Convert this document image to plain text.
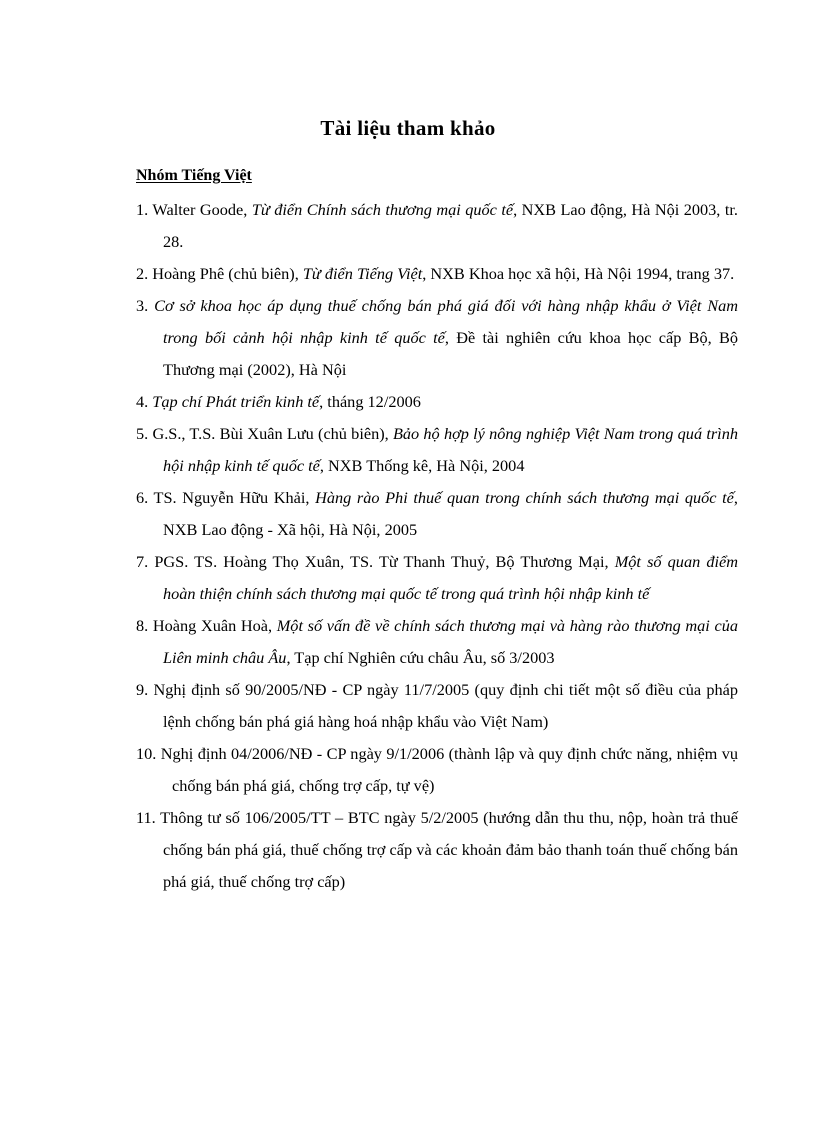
Tài liệu tham khảo
Nhóm Tiếng Việt
1. Walter Goode, Từ điển Chính sách thương mại quốc tế, NXB Lao động, Hà Nội 2003, tr. 28.
2. Hoàng Phê (chủ biên), Từ điển Tiếng Việt, NXB Khoa học xã hội, Hà Nội 1994, trang 37.
3. Cơ sở khoa học áp dụng thuế chống bán phá giá đối với hàng nhập khẩu ở Việt Nam trong bối cảnh hội nhập kinh tế quốc tế, Đề tài nghiên cứu khoa học cấp Bộ, Bộ Thương mại (2002), Hà Nội
4. Tạp chí Phát triển kinh tế, tháng 12/2006
5. G.S., T.S. Bùi Xuân Lưu (chủ biên), Bảo hộ hợp lý nông nghiệp Việt Nam trong quá trình hội nhập kinh tế quốc tế, NXB Thống kê, Hà Nội, 2004
6. TS. Nguyễn Hữu Khải, Hàng rào Phi thuế quan trong chính sách thương mại quốc tế, NXB Lao động - Xã hội, Hà Nội, 2005
7. PGS. TS. Hoàng Thọ Xuân, TS. Từ Thanh Thuỷ, Bộ Thương Mại, Một số quan điểm hoàn thiện chính sách thương mại quốc tế trong quá trình hội nhập kinh tế
8. Hoàng Xuân Hoà, Một số vấn đề về chính sách thương mại và hàng rào thương mại của Liên minh châu Âu, Tạp chí Nghiên cứu châu Âu, số 3/2003
9. Nghị định số 90/2005/NĐ - CP ngày 11/7/2005 (quy định chi tiết một số điều của pháp lệnh chống bán phá giá hàng hoá nhập khẩu vào Việt Nam)
10. Nghị định 04/2006/NĐ - CP ngày 9/1/2006 (thành lập và quy định chức năng, nhiệm vụ chống bán phá giá, chống trợ cấp, tự vệ)
11. Thông tư số 106/2005/TT – BTC ngày 5/2/2005 (hướng dẫn thu thu, nộp, hoàn trả thuế chống bán phá giá, thuế chống trợ cấp và các khoản đảm bảo thanh toán thuế chống bán phá giá, thuế chống trợ cấp)
